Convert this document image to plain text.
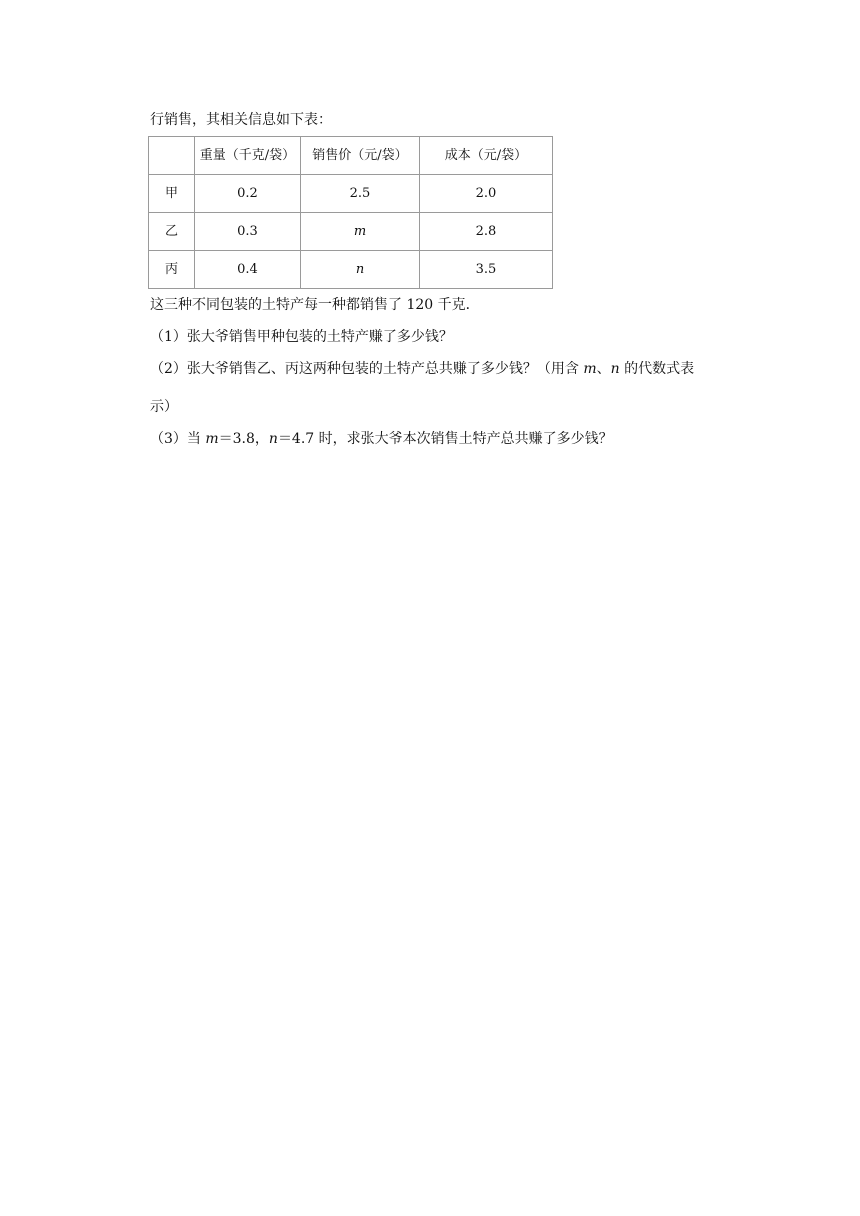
行销售，其相关信息如下表：

	重量（千克/袋）	销售价（元/袋）	成本（元/袋）
甲	0.2	2.5	2.0
乙	0.3	m	2.8
丙	0.4	n	3.5

这三种不同包装的土特产每一种都销售了 120 千克．

（1）张大爷销售甲种包装的土特产赚了多少钱？

（2）张大爷销售乙、丙这两种包装的土特产总共赚了多少钱？（用含 m、n 的代数式表

示）

（3）当 m＝3.8，n＝4.7 时，求张大爷本次销售土特产总共赚了多少钱？
